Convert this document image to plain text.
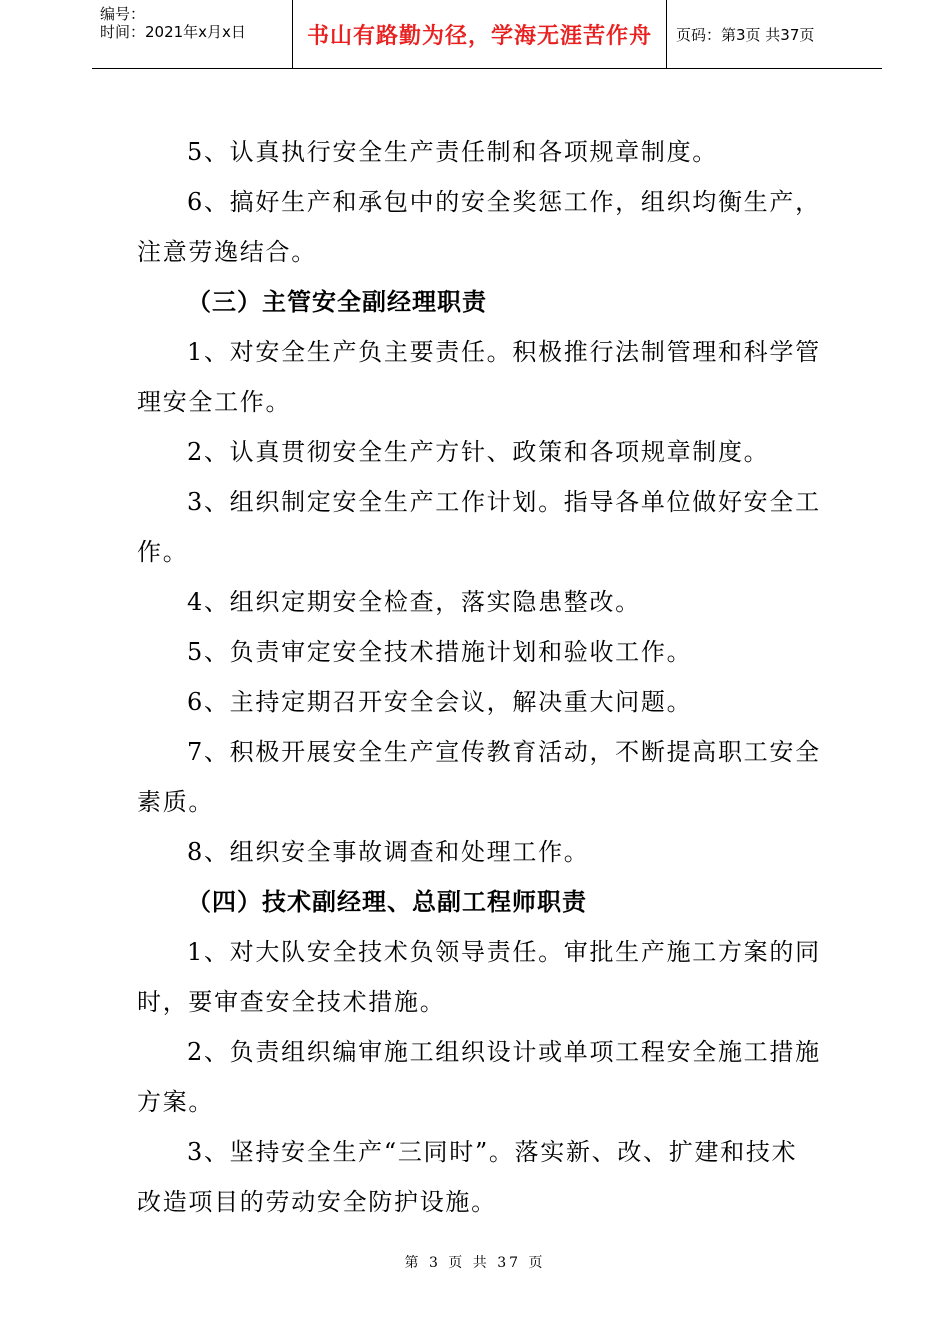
编号：
时间：2021年x月x日	书山有路勤为径，学海无涯苦作舟 页码：第3页 共37页
5、认真执行安全生产责任制和各项规章制度。
6、搞好生产和承包中的安全奖惩工作，组织均衡生产，
注意劳逸结合。
（三）主管安全副经理职责
1、对安全生产负主要责任。积极推行法制管理和科学管
理安全工作。
2、认真贯彻安全生产方针、政策和各项规章制度。
3、组织制定安全生产工作计划。指导各单位做好安全工
作。
4、组织定期安全检查，落实隐患整改。
5、负责审定安全技术措施计划和验收工作。
6、主持定期召开安全会议，解决重大问题。
7、积极开展安全生产宣传教育活动，不断提高职工安全
素质。
8、组织安全事故调查和处理工作。
（四）技术副经理、总副工程师职责
1、对大队安全技术负领导责任。审批生产施工方案的同
时，要审查安全技术措施。
2、负责组织编审施工组织设计或单项工程安全施工措施
方案。
3、坚持安全生产“三同时”。落实新、改、扩建和技术
改造项目的劳动安全防护设施。
第 3 页 共 37 页
